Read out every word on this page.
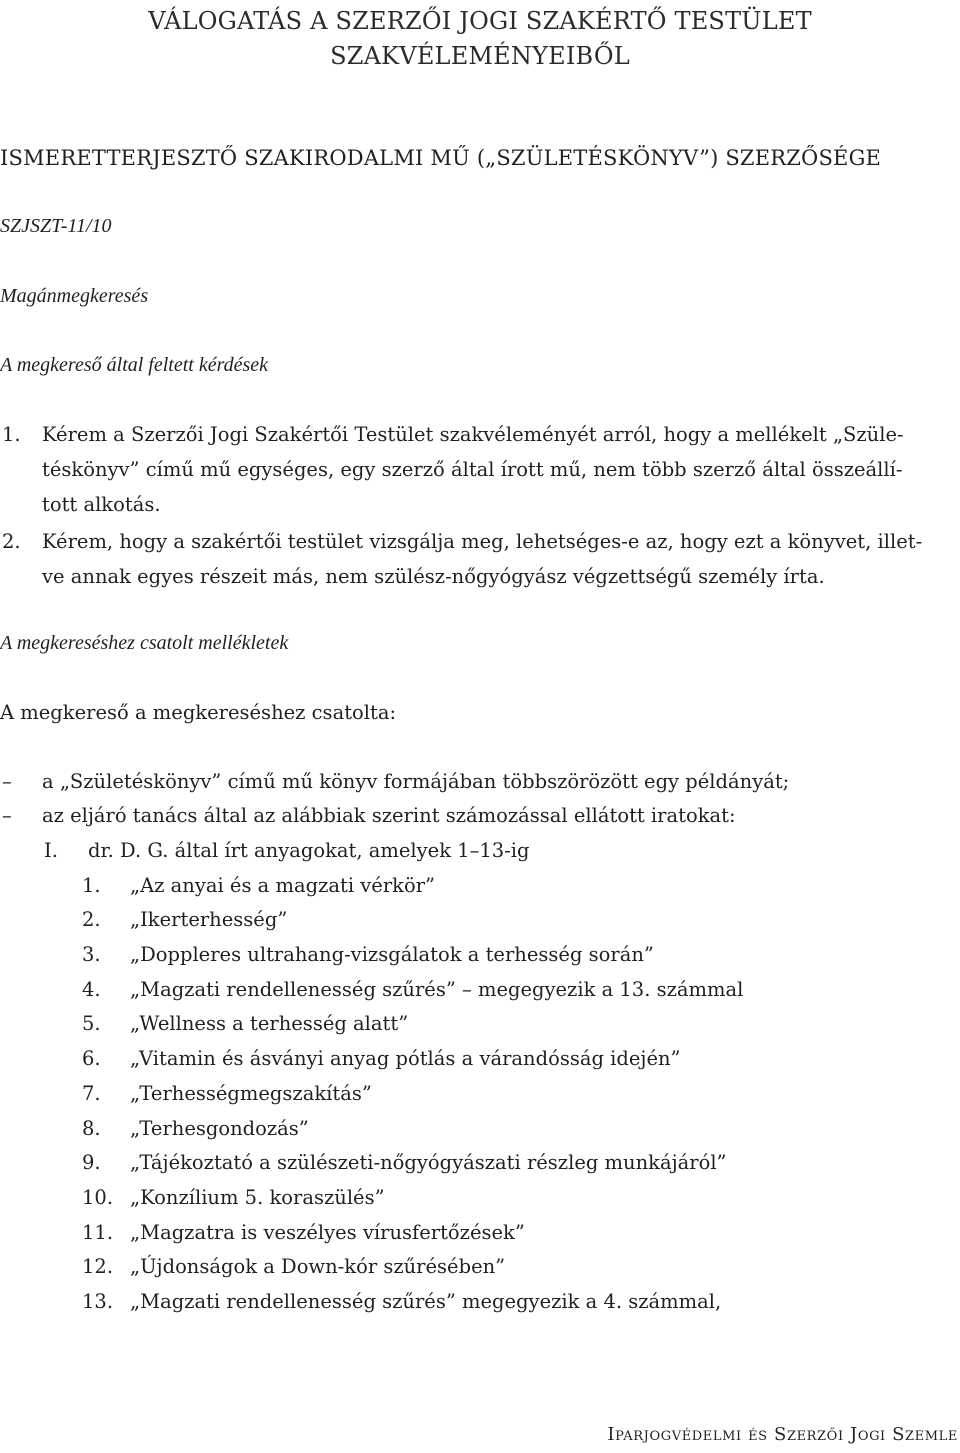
VÁLOGATÁS A SZERZŐI JOGI SZAKÉRTŐ TESTÜLET
SZAKVÉLEMÉNYEIBŐL
ISMERETTERJESZTŐ SZAKIRODALMI MŰ („SZÜLETÉSKÖNYV”) SZERZŐSÉGE
SZJSZT-11/10
Magánmegkeresés
A megkereső által feltett kérdések
1. Kérem a Szerzői Jogi Szakértői Testület szakvéleményét arról, hogy a mellékelt „Szüle-
téskönyv” című mű egységes, egy szerző által írott mű, nem több szerző által összeállí-
tott alkotás.
2. Kérem, hogy a szakértői testület vizsgálja meg, lehetséges-e az, hogy ezt a könyvet, illet-
ve annak egyes részeit más, nem szülész-nőgyógyász végzettségű személy írta.
A megkereséshez csatolt mellékletek
A megkereső a megkereséshez csatolta:
– a „Születéskönyv” című mű könyv formájában többszörözött egy példányát;
– az eljáró tanács által az alábbiak szerint számozással ellátott iratokat:
I. dr. D. G. által írt anyagokat, amelyek 1–13-ig
1. „Az anyai és a magzati vérkör”
2. „Ikerterhesség”
3. „Doppleres ultrahang-vizsgálatok a terhesség során”
4. „Magzati rendellenesség szűrés” – megegyezik a 13. számmal
5. „Wellness a terhesség alatt”
6. „Vitamin és ásványi anyag pótlás a várandósság idején”
7. „Terhességmegszakítás”
8. „Terhesgondozás”
9. „Tájékoztató a szülészeti-nőgyógyászati részleg munkájáról”
10. „Konzílium 5. koraszülés”
11. „Magzatra is veszélyes vírusfertőzések”
12. „Újdonságok a Down-kór szűrésében”
13. „Magzati rendellenesség szűrés” megegyezik a 4. számmal,
Iparjogvédelmi és Szerzői Jogi Szemle
